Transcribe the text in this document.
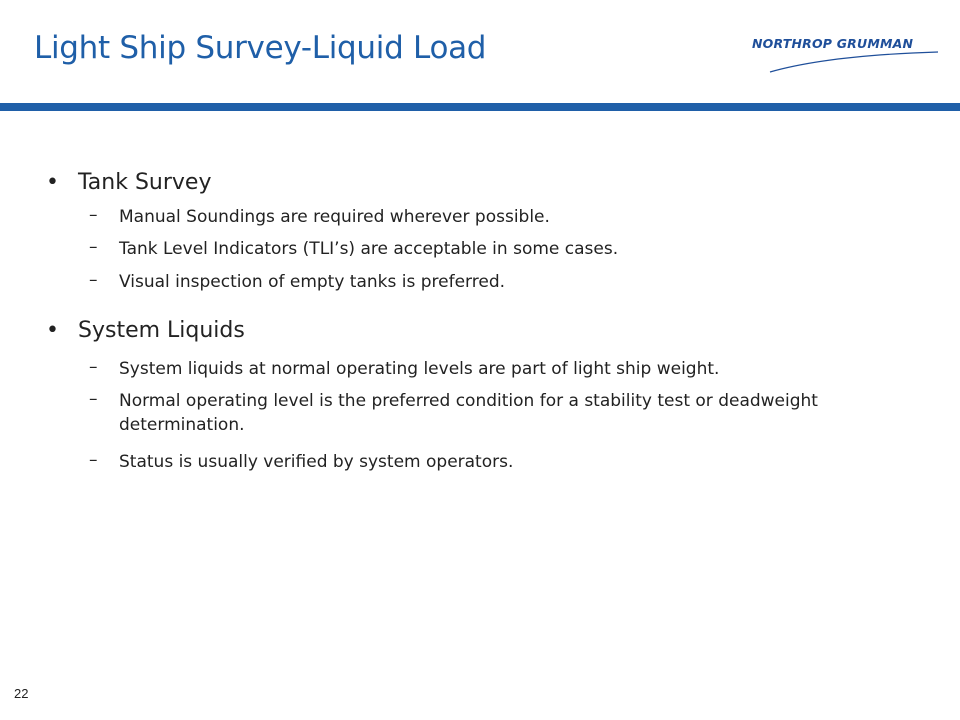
Light Ship Survey-Liquid Load	NORTHROP GRUMMAN
• Tank Survey
– Manual Soundings are required wherever possible.
– Tank Level Indicators (TLI’s) are acceptable in some cases.
– Visual inspection of empty tanks is preferred.
• System Liquids
– System liquids at normal operating levels are part of light ship weight.
– Normal operating level is the preferred condition for a stability test or deadweight determination.
– Status is usually verified by system operators.
22
